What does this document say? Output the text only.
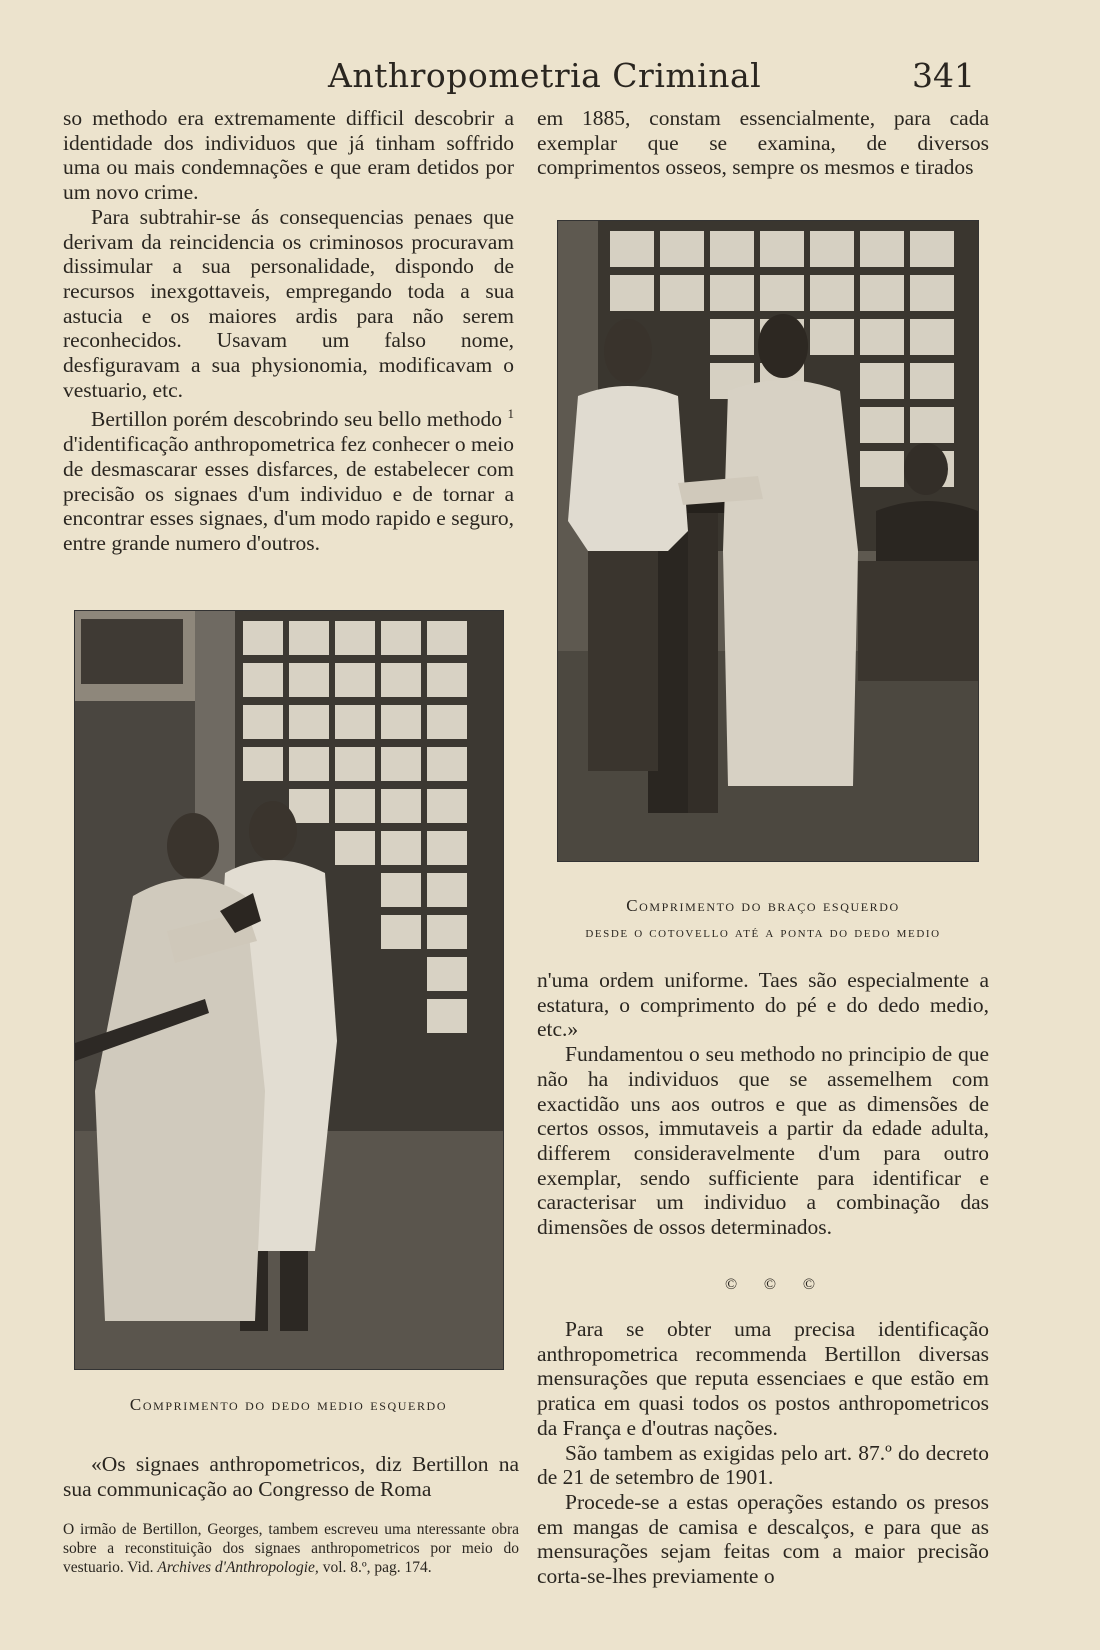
Anthropometria Criminal	341

so methodo era extremamente difficil descobrir a identidade dos individuos que já tinham soffrido uma ou mais condemnações e que eram detidos por um novo crime.

Para subtrahir-se ás consequencias penaes que derivam da reincidencia os criminosos procuravam dissimular a sua personalidade, dispondo de recursos inexgottaveis, empregando toda a sua astucia e os maiores ardis para não serem reconhecidos. Usavam um falso nome, desfiguravam a sua physionomia, modificavam o vestuario, etc.

Bertillon porém descobrindo seu bello methodo $^1$ d'identificação anthropometrica fez conhecer o meio de desmascarar esses disfarces, de estabelecer com precisão os signaes d'um individuo e de tornar a encontrar esses signaes, d'um modo rapido e seguro, entre grande numero d'outros.

Comprimento do dedo medio esquerdo

«Os signaes anthropometricos, diz Bertillon na sua communicação ao Congresso de Roma

O irmão de Bertillon, Georges, tambem escreveu uma nteressante obra sobre a reconstituição dos signaes anthropometricos por meio do vestuario. Vid. Archives d'Anthropologie, vol. 8.º, pag. 174.

em 1885, constam essencialmente, para cada exemplar que se examina, de diversos comprimentos osseos, sempre os mesmos e tirados

Comprimento do braço esquerdo
desde o cotovello até a ponta do dedo medio

n'uma ordem uniforme. Taes são especialmente a estatura, o comprimento do pé e do dedo medio, etc.»

Fundamentou o seu methodo no principio de que não ha individuos que se assemelhem com exactidão uns aos outros e que as dimensões de certos ossos, immutaveis a partir da edade adulta, differem consideravelmente d'um para outro exemplar, sendo sufficiente para identificar e caracterisar um individuo a combinação das dimensões de ossos determinados.

© © ©

Para se obter uma precisa identificação anthropometrica recommenda Bertillon diversas mensurações que reputa essenciaes e que estão em pratica em quasi todos os postos anthropometricos da França e d'outras nações.

São tambem as exigidas pelo art. 87.º do decreto de 21 de setembro de 1901.

Procede-se a estas operações estando os presos em mangas de camisa e descalços, e para que as mensurações sejam feitas com a maior precisão corta-se-lhes previamente o
